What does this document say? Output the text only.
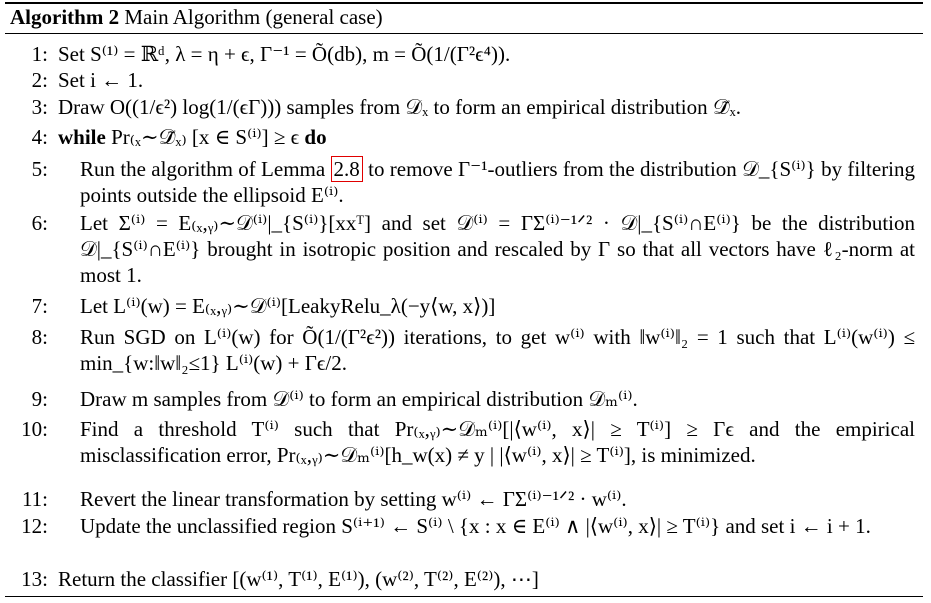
Algorithm 2 Main Algorithm (general case)
1: Set S⁽¹⁾ = ℝᵈ, λ = η + ϵ, Γ⁻¹ = Õ(db), m = Õ(1/(Γ²ϵ⁴)).
2: Set i ← 1.
3: Draw O((1/ϵ²) log(1/(ϵΓ))) samples from 𝒟ₓ to form an empirical distribution 𝒟̃ₓ.
4: while Pr₍ₓ∼𝒟̃ₓ₎ [x ∈ S⁽ⁱ⁾] ≥ ϵ do
5: Run the algorithm of Lemma 2.8 to remove Γ⁻¹-outliers from the distribution 𝒟_{S⁽ⁱ⁾} by filtering points outside the ellipsoid E⁽ⁱ⁾.
6: Let Σ⁽ⁱ⁾ = E₍ₓ,ᵧ₎∼𝒟⁽ⁱ⁾|_{S⁽ⁱ⁾}[xxᵀ] and set 𝒟⁽ⁱ⁾ = ΓΣ⁽ⁱ⁾⁻¹ᐟ² · 𝒟|_{S⁽ⁱ⁾∩E⁽ⁱ⁾} be the distribution 𝒟|_{S⁽ⁱ⁾∩E⁽ⁱ⁾} brought in isotropic position and rescaled by Γ so that all vectors have ℓ₂-norm at most 1.
7: Let L⁽ⁱ⁾(w) = E₍ₓ,ᵧ₎∼𝒟⁽ⁱ⁾[LeakyRelu_λ(−y⟨w, x⟩)]
8: Run SGD on L⁽ⁱ⁾(w) for Õ(1/(Γ²ϵ²)) iterations, to get w⁽ⁱ⁾ with ‖w⁽ⁱ⁾‖₂ = 1 such that L⁽ⁱ⁾(w⁽ⁱ⁾) ≤ min_{w:‖w‖₂≤1} L⁽ⁱ⁾(w) + Γϵ/2.
9: Draw m samples from 𝒟⁽ⁱ⁾ to form an empirical distribution 𝒟ₘ⁽ⁱ⁾.
10: Find a threshold T⁽ⁱ⁾ such that Pr₍ₓ,ᵧ₎∼𝒟ₘ⁽ⁱ⁾[|⟨w⁽ⁱ⁾, x⟩| ≥ T⁽ⁱ⁾] ≥ Γϵ and the empirical misclassification error, Pr₍ₓ,ᵧ₎∼𝒟ₘ⁽ⁱ⁾[h_w(x) ≠ y | |⟨w⁽ⁱ⁾, x⟩| ≥ T⁽ⁱ⁾], is minimized.
11: Revert the linear transformation by setting w⁽ⁱ⁾ ← ΓΣ⁽ⁱ⁾⁻¹ᐟ² · w⁽ⁱ⁾.
12: Update the unclassified region S⁽ⁱ⁺¹⁾ ← S⁽ⁱ⁾ \ {x : x ∈ E⁽ⁱ⁾ ∧ |⟨w⁽ⁱ⁾, x⟩| ≥ T⁽ⁱ⁾} and set i ← i + 1.
13: Return the classifier [(w⁽¹⁾, T⁽¹⁾, E⁽¹⁾), (w⁽²⁾, T⁽²⁾, E⁽²⁾), ⋯]
